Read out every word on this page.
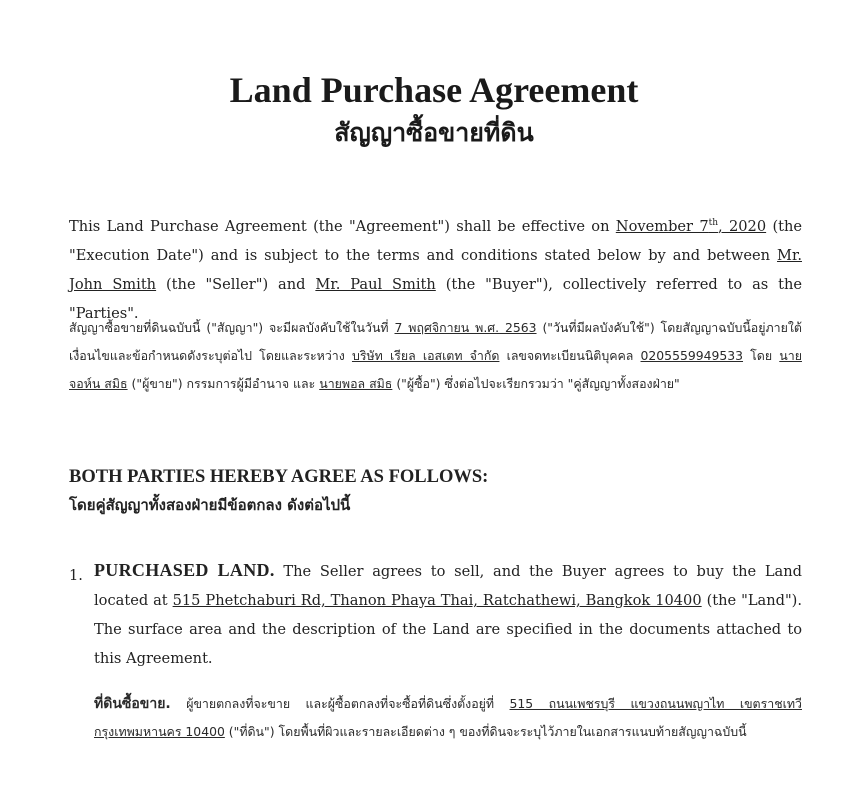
Land Purchase Agreement
สัญญาซื้อขายที่ดิน

This Land Purchase Agreement (the "Agreement") shall be effective on November 7th, 2020 (the "Execution Date") and is subject to the terms and conditions stated below by and between Mr. John Smith (the "Seller") and Mr. Paul Smith (the "Buyer"), collectively referred to as the "Parties".

สัญญาซื้อขายที่ดินฉบับนี้ ("สัญญา") จะมีผลบังคับใช้ในวันที่ 7 พฤศจิกายน พ.ศ. 2563 ("วันที่มีผลบังคับใช้") โดยสัญญาฉบับนี้อยู่ภายใต้เงื่อนไขและข้อกำหนดดังระบุต่อไป โดยและระหว่าง บริษัท เรียล เอสเตท จำกัด เลขจดทะเบียนนิติบุคคล 0205559949533 โดย นายจอห์น สมิธ ("ผู้ขาย") กรรมการผู้มีอำนาจ และ นายพอล สมิธ ("ผู้ซื้อ") ซึ่งต่อไปจะเรียกรวมว่า "คู่สัญญาทั้งสองฝ่าย"

BOTH PARTIES HEREBY AGREE AS FOLLOWS:
โดยคู่สัญญาทั้งสองฝ่ายมีข้อตกลง ดังต่อไปนี้
1. PURCHASED LAND. The Seller agrees to sell, and the Buyer agrees to buy the Land located at 515 Phetchaburi Rd, Thanon Phaya Thai, Ratchathewi, Bangkok 10400 (the "Land"). The surface area and the description of the Land are specified in the documents attached to this Agreement.

ที่ดินซื้อขาย. ผู้ขายตกลงที่จะขาย และผู้ซื้อตกลงที่จะซื้อที่ดินซึ่งตั้งอยู่ที่ 515 ถนนเพชรบุรี แขวงถนนพญาไท เขตราชเทวี กรุงเทพมหานคร 10400 ("ที่ดิน") โดยพื้นที่ผิวและรายละเอียดต่าง ๆ ของที่ดินจะระบุไว้ภายในเอกสารแนบท้ายสัญญาฉบับนี้
